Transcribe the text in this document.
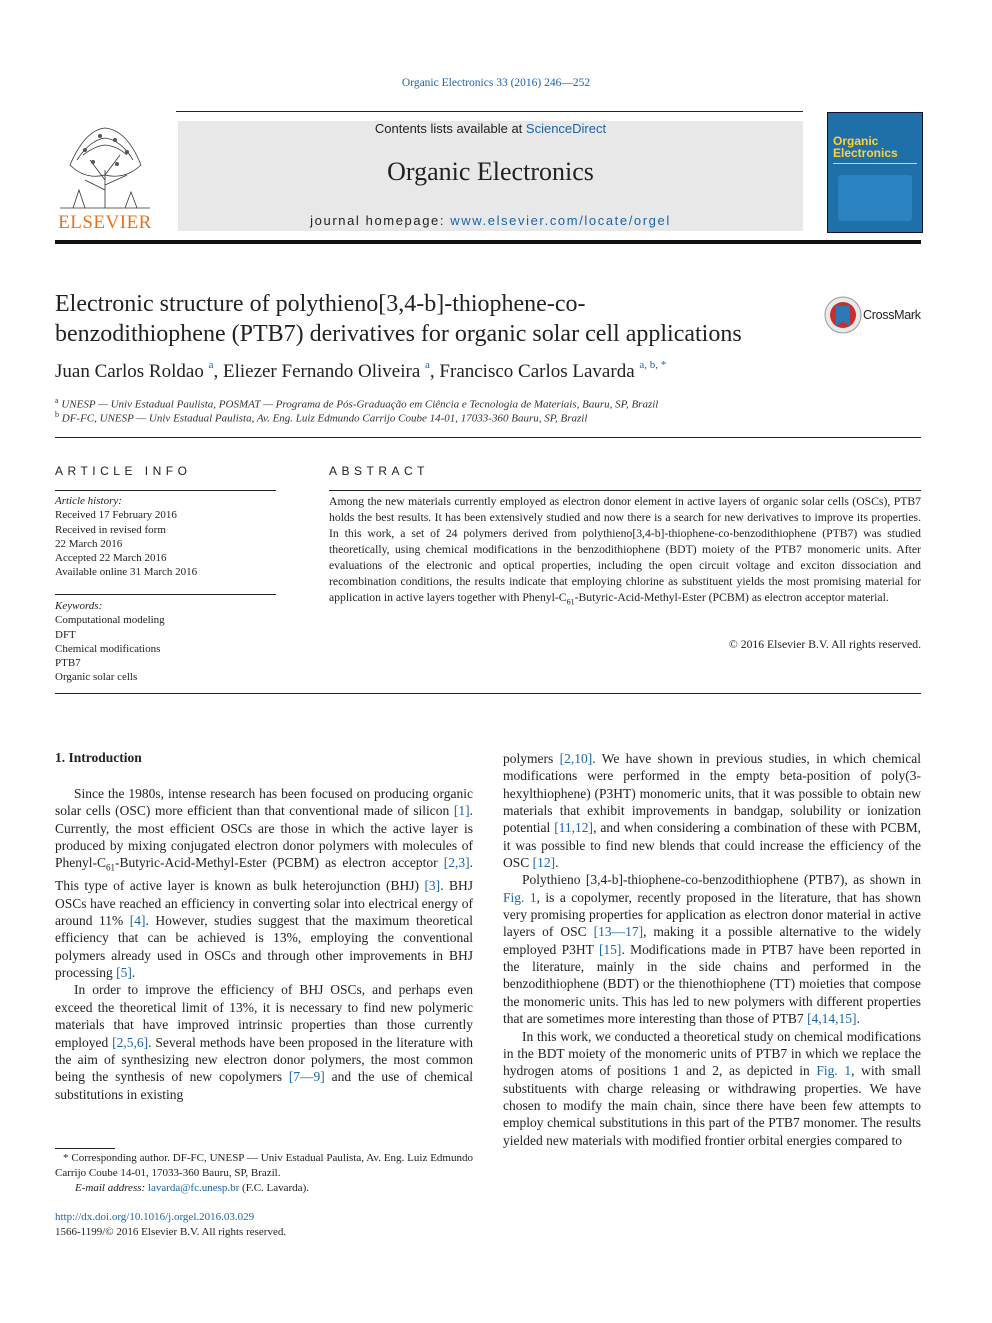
Organic Electronics 33 (2016) 246—252
Contents lists available at ScienceDirect
Organic Electronics
journal homepage: www.elsevier.com/locate/orgel
ELSEVIER
Organic
Electronics
Electronic structure of polythieno[3,4-b]-thiophene-co-
benzodithiophene (PTB7) derivatives for organic solar cell applications
CrossMark
Juan Carlos Roldao $^a$, Eliezer Fernando Oliveira $^a$, Francisco Carlos Lavarda $^{a, b, *}$
$^a$ UNESP — Univ Estadual Paulista, POSMAT — Programa de Pós-Graduação em Ciência e Tecnologia de Materiais, Bauru, SP, Brazil
$^b$ DF-FC, UNESP — Univ Estadual Paulista, Av. Eng. Luiz Edmundo Carrijo Coube 14-01, 17033-360 Bauru, SP, Brazil
ARTICLE INFO
Article history:
Received 17 February 2016
Received in revised form
22 March 2016
Accepted 22 March 2016
Available online 31 March 2016
Keywords:
Computational modeling
DFT
Chemical modifications
PTB7
Organic solar cells
ABSTRACT
Among the new materials currently employed as electron donor element in active layers of organic solar cells (OSCs), PTB7 holds the best results. It has been extensively studied and now there is a search for new derivatives to improve its properties. In this work, a set of 24 polymers derived from polythieno[3,4-b]-thiophene-co-benzodithiophene (PTB7) was studied theoretically, using chemical modifications in the benzodithiophene (BDT) moiety of the PTB7 monomeric units. After evaluations of the electronic and optical properties, including the open circuit voltage and exciton dissociation and recombination conditions, the results indicate that employing chlorine as substituent yields the most promising material for application in active layers together with Phenyl-$C_{61}-Butyric-Acid-Methyl$-Ester (PCBM) as electron acceptor material.
© 2016 Elsevier B.V. All rights reserved.
1. Introduction

Since the 1980s, intense research has been focused on producing organic solar cells (OSC) more efficient than that conventional made of silicon [1]. Currently, the most efficient OSCs are those in which the active layer is produced by mixing conjugated electron donor polymers with molecules of Phenyl-$C_{61}-Butyric-Acid-Methyl$-Ester (PCBM) as electron acceptor [2,3]. This type of active layer is known as bulk heterojunction (BHJ) [3]. BHJ OSCs have reached an efficiency in converting solar into electrical energy of around 11% [4]. However, studies suggest that the maximum theoretical efficiency that can be achieved is 13%, employing the conventional polymers already used in OSCs and through other improvements in BHJ processing [5].

In order to improve the efficiency of BHJ OSCs, and perhaps even exceed the theoretical limit of 13%, it is necessary to find new polymeric materials that have improved intrinsic properties than those currently employed [2,5,6]. Several methods have been proposed in the literature with the aim of synthesizing new electron donor polymers, the most common being the synthesis of new copolymers [7—9] and the use of chemical substitutions in existing

polymers [2,10]. We have shown in previous studies, in which chemical modifications were performed in the empty beta-position of poly(3-hexylthiophene) (P3HT) monomeric units, that it was possible to obtain new materials that exhibit improvements in bandgap, solubility or ionization potential [11,12], and when considering a combination of these with PCBM, it was possible to find new blends that could increase the efficiency of the OSC [12].

Polythieno [3,4-b]-thiophene-co-benzodithiophene (PTB7), as shown in Fig. 1, is a copolymer, recently proposed in the literature, that has shown very promising properties for application as electron donor material in active layers of OSC [13—17], making it a possible alternative to the widely employed P3HT [15]. Modifications made in PTB7 have been reported in the literature, mainly in the side chains and performed in the benzodithiophene (BDT) or the thienothiophene (TT) moieties that compose the monomeric units. This has led to new polymers with different properties that are sometimes more interesting than those of PTB7 [4,14,15].

In this work, we conducted a theoretical study on chemical modifications in the BDT moiety of the monomeric units of PTB7 in which we replace the hydrogen atoms of positions 1 and 2, as depicted in Fig. 1, with small substituents with charge releasing or withdrawing properties. We have chosen to modify the main chain, since there have been few attempts to employ chemical substitutions in this part of the PTB7 monomer. The results yielded new materials with modified frontier orbital energies compared to

* Corresponding author. DF-FC, UNESP — Univ Estadual Paulista, Av. Eng. Luiz Edmundo Carrijo Coube 14-01, 17033-360 Bauru, SP, Brazil.
E-mail address: lavarda@fc.unesp.br (F.C. Lavarda).
http://dx.doi.org/10.1016/j.orgel.2016.03.029
1566-1199/© 2016 Elsevier B.V. All rights reserved.
